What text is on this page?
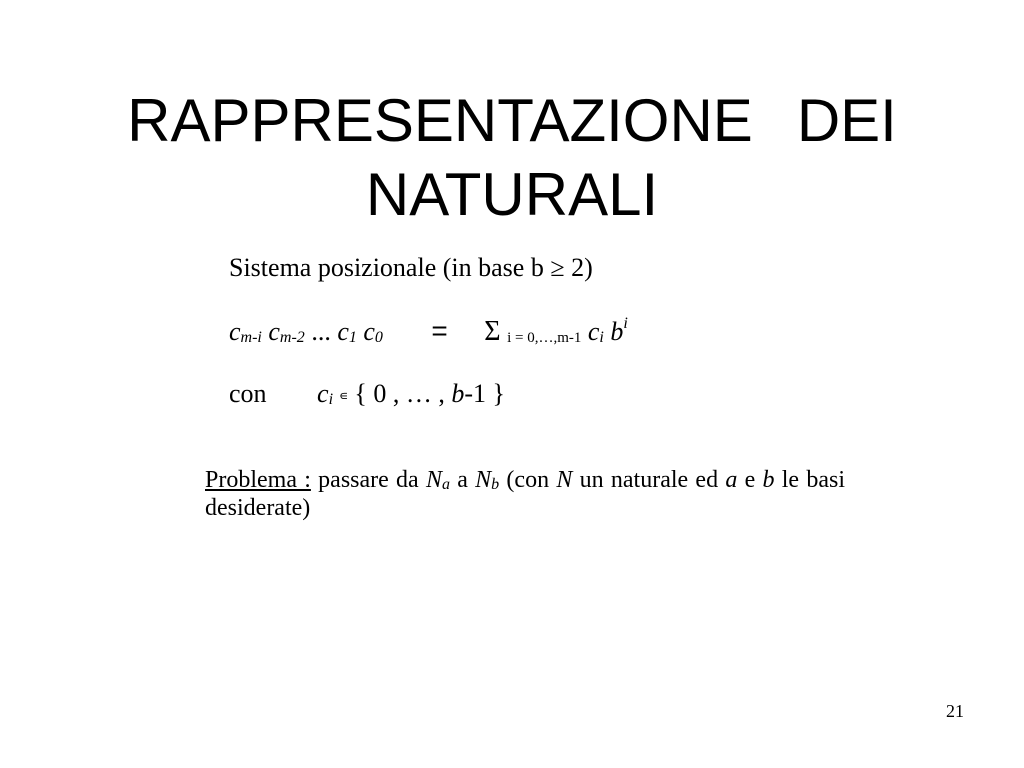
RAPPRESENTAZIONE DEI
NATURALI
Sistema posizionale (in base b ≥ 2)
$c_{m-i}$ $c_{m-2}$ ... $c_1$ $c_0 = \Sigma$ $_{i = 0,\dots,m-1}$ $c_i$ $b^i$
con $c_i$ ∊ { 0 , … , b-1 }
Problema : passare da $N_a$ a $N_b$ (con N un naturale ed a e b le basi desiderate)
21
